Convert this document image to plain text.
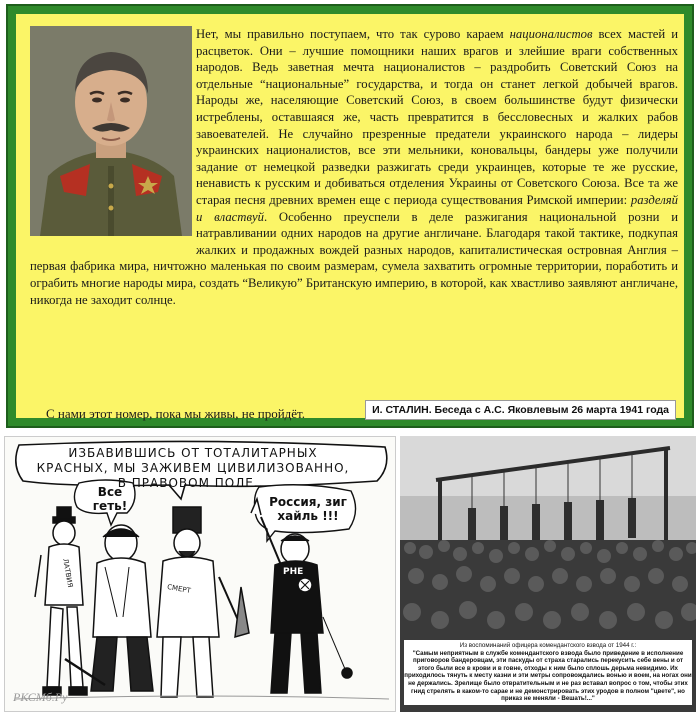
Нет, мы правильно поступаем, что так сурово караем националистов всех мастей и расцветок. Они – лучшие помощники наших врагов и злейшие враги собственных народов. Ведь заветная мечта националистов – раздробить Советский Союз на отдельные “национальные” государства, и тогда он станет легкой добычей врагов. Народы же, населяющие Советский Союз, в своем большинстве будут физически истреблены, оставшаяся же, часть превратится в бессловесных и жалких рабов завоевателей. Не случайно презренные предатели украинского народа – лидеры украинских националистов, все эти мельники, коновальцы, бандеры уже получили задание от немецкой разведки разжигать среди украинцев, которые те же русские, ненависть к русским и добиваться отделения Украины от Советского Союза. Все та же старая песня древних времен еще с периода существования Римской империи: разделяй и властвуй. Особенно преуспели в деле разжигания национальной розни и натравливании одних народов на другие англичане. Благодаря такой тактике, подкупая жалких и продажных вождей разных народов, капиталистическая островная Англия – первая фабрика мира, ничтожно маленькая по своим размерам, сумела захватить огромные территории, поработить и ограбить многие народы мира, создать “Великую” Британскую империю, в которой, как хвастливо заявляют англичане, никогда не заходит солнце.
С нами этот номер, пока мы живы, не пройдёт.	И. СТАЛИН. Беседа с А.С. Яковлевым 26 марта 1941 года
ИЗБАВИВШИСЬ ОТ ТОТАЛИТАРНЫХ КРАСНЫХ, МЫ ЗАЖИВЕМ ЦИВИЛИЗОВАННО, В ПРАВОВОМ ПОЛЕ...
Все геть!	Россия, зиг хайль !!!
ЛАТВИЯ
СМЕРТ
РНЕ
РКСМб.Ру
Из воспоминаний офицера комендантского взвода от 1944 г.:
"Самым неприятным в службе комендантского взвода было приведение в исполнение приговоров бандеровцам, эти паскуды от страха старались перекусить себе вены и от этого были все в крови и в говне, отходы к ним было сплошь дерьма невидимо. Их приходилось тянуть к месту казни и эти метры сопровождались вонью и воем, на ногах они не держались. Зрелище было отвратительным и не раз вставал вопрос о том, чтобы этих гнид стрелять в каком-то сарае и не демонстрировать этих уродов в полном "цвете", но приказ не меняли - Вешать!..."
